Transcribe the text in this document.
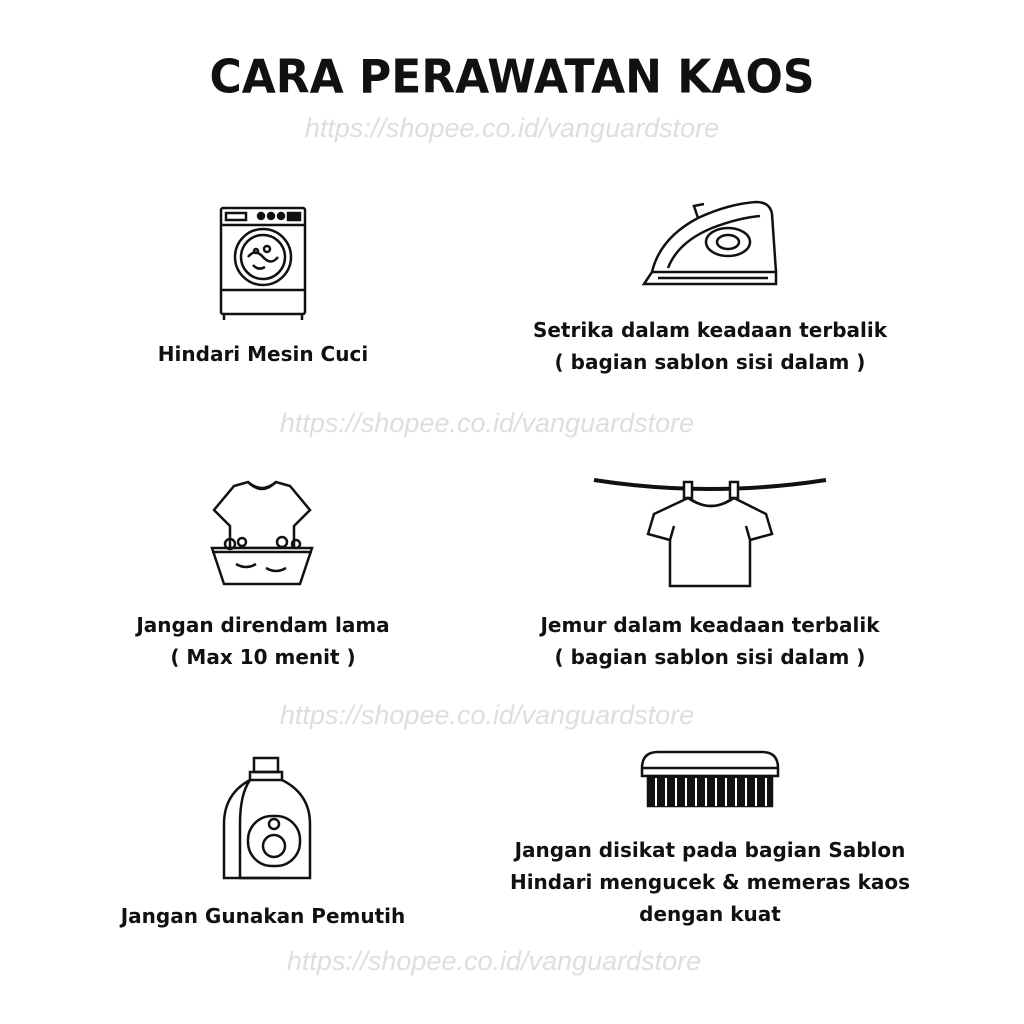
CARA PERAWATAN KAOS
https://shopee.co.id/vanguardstore
https://shopee.co.id/vanguardstore
https://shopee.co.id/vanguardstore
https://shopee.co.id/vanguardstore
Hindari Mesin Cuci
Setrika dalam keadaan terbalik
( bagian sablon sisi dalam )
Jangan direndam lama
( Max 10 menit )
Jemur dalam keadaan terbalik
( bagian sablon sisi dalam )
Jangan Gunakan Pemutih
Jangan disikat pada bagian Sablon
Hindari mengucek & memeras kaos
dengan kuat
